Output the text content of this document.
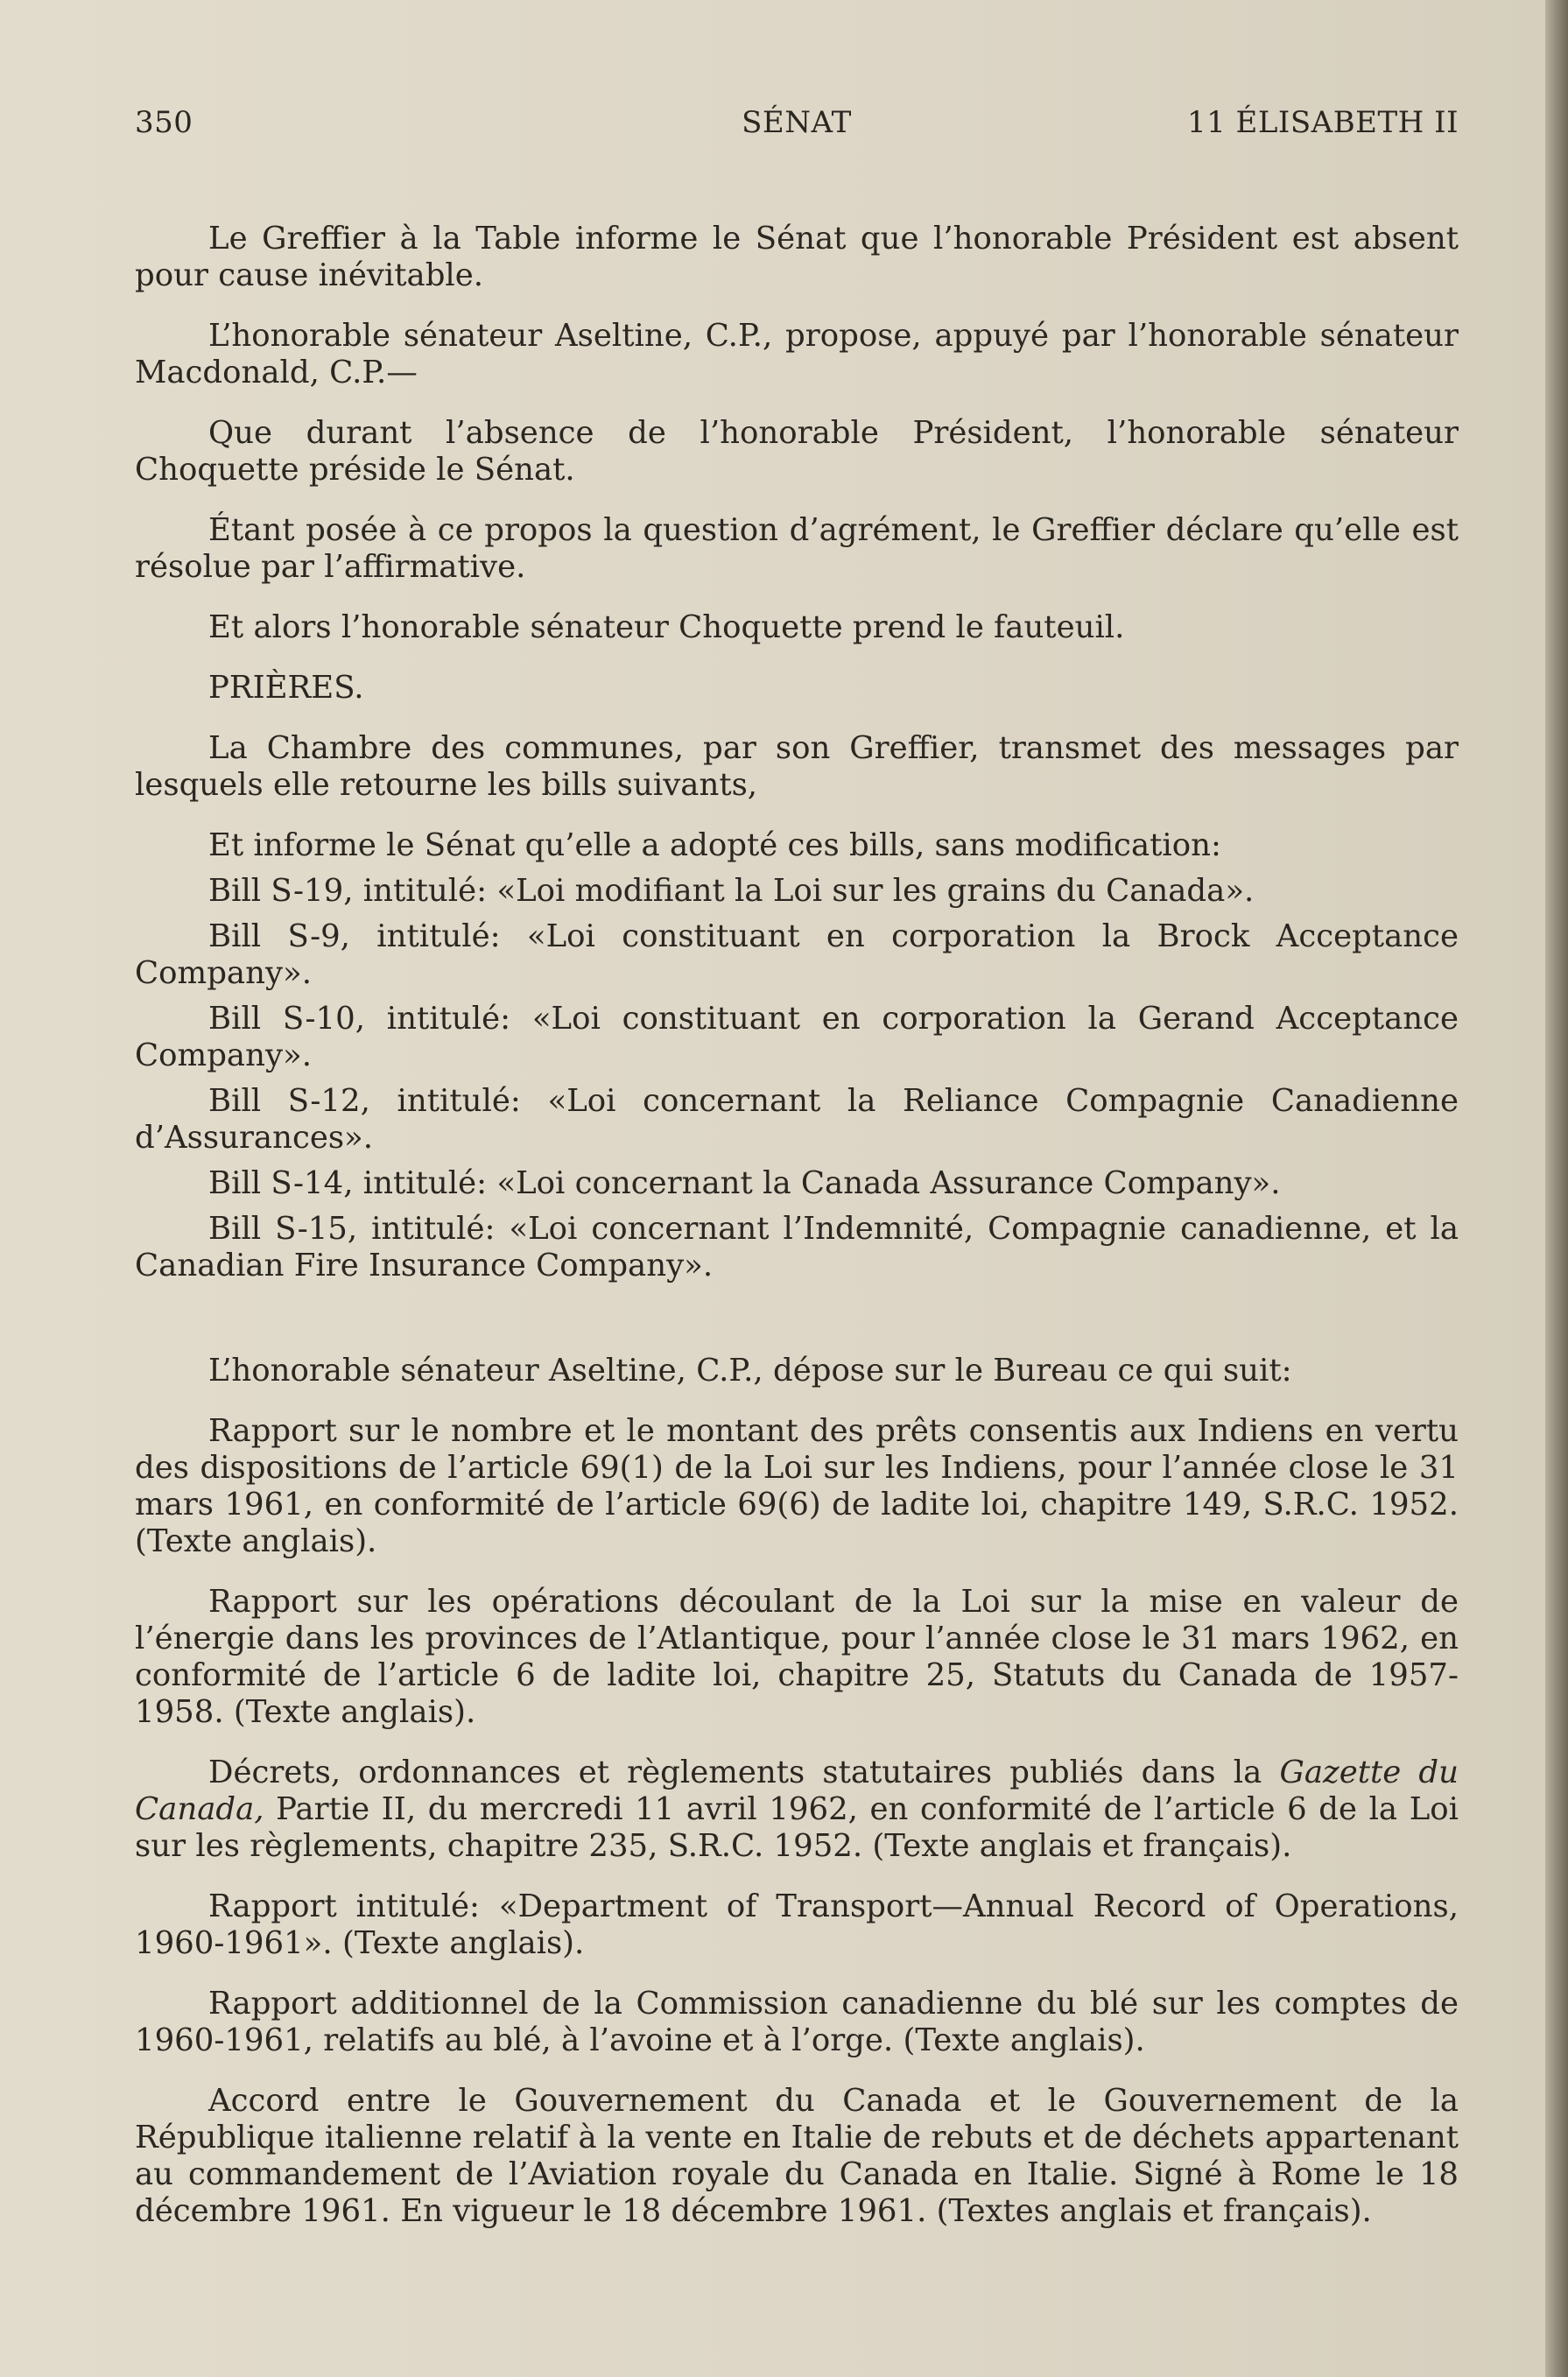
350	SÉNAT	11 ÉLISABETH II

Le Greffier à la Table informe le Sénat que l’honorable Président est absent pour cause inévitable.

L’honorable sénateur Aseltine, C.P., propose, appuyé par l’honorable sénateur Macdonald, C.P.—

Que durant l’absence de l’honorable Président, l’honorable sénateur Choquette préside le Sénat.

Étant posée à ce propos la question d’agrément, le Greffier déclare qu’elle est résolue par l’affirmative.

Et alors l’honorable sénateur Choquette prend le fauteuil.

PRIÈRES.

La Chambre des communes, par son Greffier, transmet des messages par lesquels elle retourne les bills suivants,

Et informe le Sénat qu’elle a adopté ces bills, sans modification:

Bill S-19, intitulé: «Loi modifiant la Loi sur les grains du Canada».

Bill S-9, intitulé: «Loi constituant en corporation la Brock Acceptance Company».

Bill S-10, intitulé: «Loi constituant en corporation la Gerand Acceptance Company».

Bill S-12, intitulé: «Loi concernant la Reliance Compagnie Canadienne d’Assurances».

Bill S-14, intitulé: «Loi concernant la Canada Assurance Company».

Bill S-15, intitulé: «Loi concernant l’Indemnité, Compagnie canadienne, et la Canadian Fire Insurance Company».

L’honorable sénateur Aseltine, C.P., dépose sur le Bureau ce qui suit:

Rapport sur le nombre et le montant des prêts consentis aux Indiens en vertu des dispositions de l’article 69(1) de la Loi sur les Indiens, pour l’année close le 31 mars 1961, en conformité de l’article 69(6) de ladite loi, chapitre 149, S.R.C. 1952. (Texte anglais).

Rapport sur les opérations découlant de la Loi sur la mise en valeur de l’énergie dans les provinces de l’Atlantique, pour l’année close le 31 mars 1962, en conformité de l’article 6 de ladite loi, chapitre 25, Statuts du Canada de 1957-1958. (Texte anglais).

Décrets, ordonnances et règlements statutaires publiés dans la Gazette du Canada, Partie II, du mercredi 11 avril 1962, en conformité de l’article 6 de la Loi sur les règlements, chapitre 235, S.R.C. 1952. (Texte anglais et français).

Rapport intitulé: «Department of Transport—Annual Record of Operations, 1960-1961». (Texte anglais).

Rapport additionnel de la Commission canadienne du blé sur les comptes de 1960-1961, relatifs au blé, à l’avoine et à l’orge. (Texte anglais).

Accord entre le Gouvernement du Canada et le Gouvernement de la République italienne relatif à la vente en Italie de rebuts et de déchets appartenant au commandement de l’Aviation royale du Canada en Italie. Signé à Rome le 18 décembre 1961. En vigueur le 18 décembre 1961. (Textes anglais et français).
